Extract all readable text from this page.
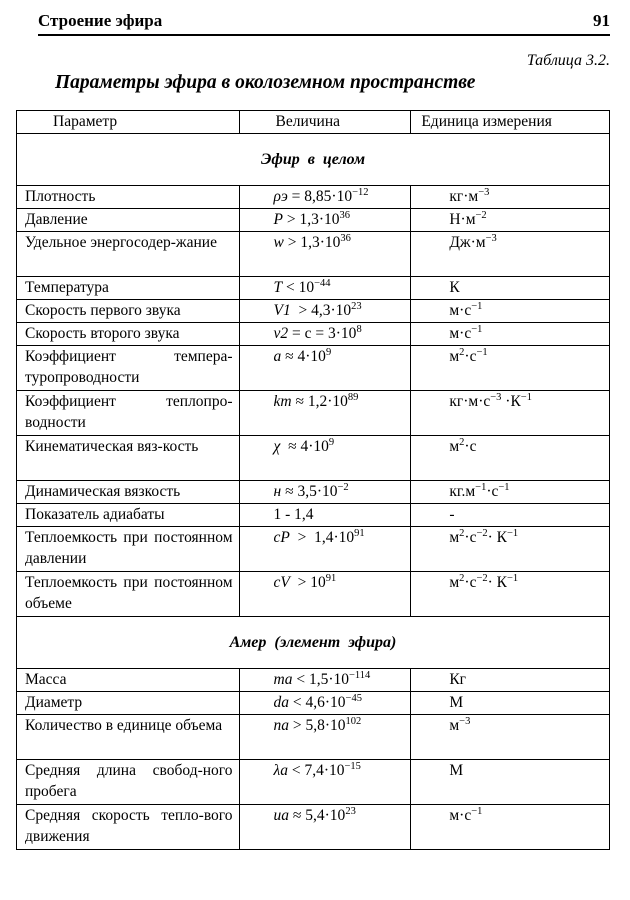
Строение эфира	91
Таблица 3.2.
Параметры эфира в околоземном пространстве
Параметр	Величина	Единица измерения
Эфир в целом		
Плотность	$\rho э = 8,85\cdot 10^{-12}$	$кг\cdot м^{-3}$
Давление	$P > 1,3\cdot 10^{36}$	$Н\cdot м^{-2}$
Удельное энергосодер-жание	$w > 1,3\cdot 10^{36}$	$Дж\cdot м^{-3}$
Температура	$T < 10^{-44}$	К
Скорость первого звука	$V1 > 4,3\cdot 10^{23}$	$м\cdot с^{-1}$
Скорость второго звука	$v2 = c = 3\cdot 10^8$	$м\cdot с^{-1}$
Коэффициент темпера-туропроводности	$a \approx 4\cdot 10^9$	$м^2\cdot с^{-1}$
Коэффициент теплопро-водности	kт ≈ $1,2\cdot 10^{89}$	$кг\cdot м\cdot с^{-3} \cdot К^{-1}$
Кинематическая вяз-кость	$\chi \approx 4\cdot 10^9$	$м^2\cdot с$
Динамическая вязкость	$н \approx 3,5\cdot 10^{-2}$	$кг.м^{-1}\cdot с^{-1}$
Показатель адиабаты	1 - 1,4	-
Теплоемкость при постоянном давлении	cP  >  $1,4\cdot 10^{91}$	$м^2\cdot с^{-2}\cdot К^{-1}$
Теплоемкость при постоянном объеме	cV  > $10^{91}$	$м^2\cdot с^{-2}\cdot К^{-1}$
Амер (элемент эфира)		
Масса	mа < $1,5\cdot 10^{-114}$	Кг
Диаметр	dа < $4,6\cdot 10^{-45}$	М
Количество в единице объема	nа > $5,8\cdot 10^{102}$	$м^{-3}$
Средняя длина свобод-ного пробега	$\lambda а < 7,4\cdot 10^{-15}$	М
Средняя скорость тепло-вого движения	uа ≈ $5,4\cdot 10^{23}$	$м\cdot с^{-1}$
